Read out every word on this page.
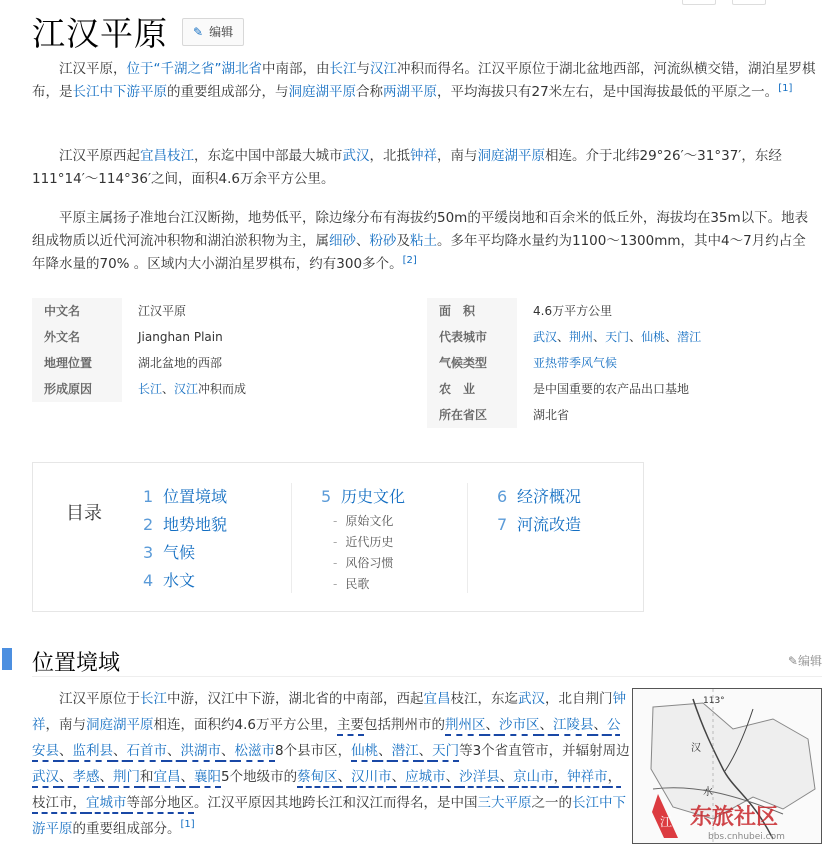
江汉平原 ✎ 编辑
江汉平原，位于“千湖之省”湖北省中南部，由长江与汉江冲积而得名。江汉平原位于湖北盆地西部，河流纵横交错，湖泊星罗棋布，是长江中下游平原的重要组成部分，与洞庭湖平原合称两湖平原，平均海拔只有27米左右，是中国海拔最低的平原之一。[1]
江汉平原西起宜昌枝江，东迄中国中部最大城市武汉，北抵钟祥，南与洞庭湖平原相连。介于北纬29°26′～31°37′，东经111°14′～114°36′之间，面积4.6万余平方公里。
平原主属扬子准地台江汉断拗，地势低平，除边缘分布有海拔约50m的平缓岗地和百余米的低丘外，海拔均在35m以下。地表组成物质以近代河流冲积物和湖泊淤积物为主，属细砂、粉砂及粘土。多年平均降水量约为1100～1300mm，其中4～7月约占全年降水量的70% 。区域内大小湖泊星罗棋布，约有300多个。[2]
中文名	江汉平原	面　积	4.6万平方公里
外文名	Jianghan Plain	代表城市	武汉、荆州、天门、仙桃、潜江
地理位置	湖北盆地的西部	气候类型	亚热带季风气候
形成原因	长江、汉江冲积而成	农　业	是中国重要的农产品出口基地
所在省区	湖北省
目录
1 位置境域
2 地势地貌
3 气候
4 水文
5 历史文化
- 原始文化
- 近代历史
- 风俗习惯
- 民歌
6 经济概况
7 河流改造
位置境域	✎编辑
江汉平原位于长江中游，汉江中下游，湖北省的中南部，西起宜昌枝江，东迄武汉，北自荆门钟祥，南与洞庭湖平原相连，面积约4.6万平方公里，主要包括荆州市的荆州区、沙市区、江陵县、公安县、监利县、石首市、洪湖市、松滋市8个县市区，仙桃、潜江、天门等3个省直管市，并辐射周边武汉、孝感、荆门和宜昌、襄阳5个地级市的蔡甸区、汉川市、应城市、沙洋县、京山市，钟祥市，枝江市，宜城市等部分地区。江汉平原因其地跨长江和汉江而得名，是中国三大平原之一的长江中下游平原的重要组成部分。[1]
113°
汉
水
江 东旅社区
bbs.cnhubei.com
